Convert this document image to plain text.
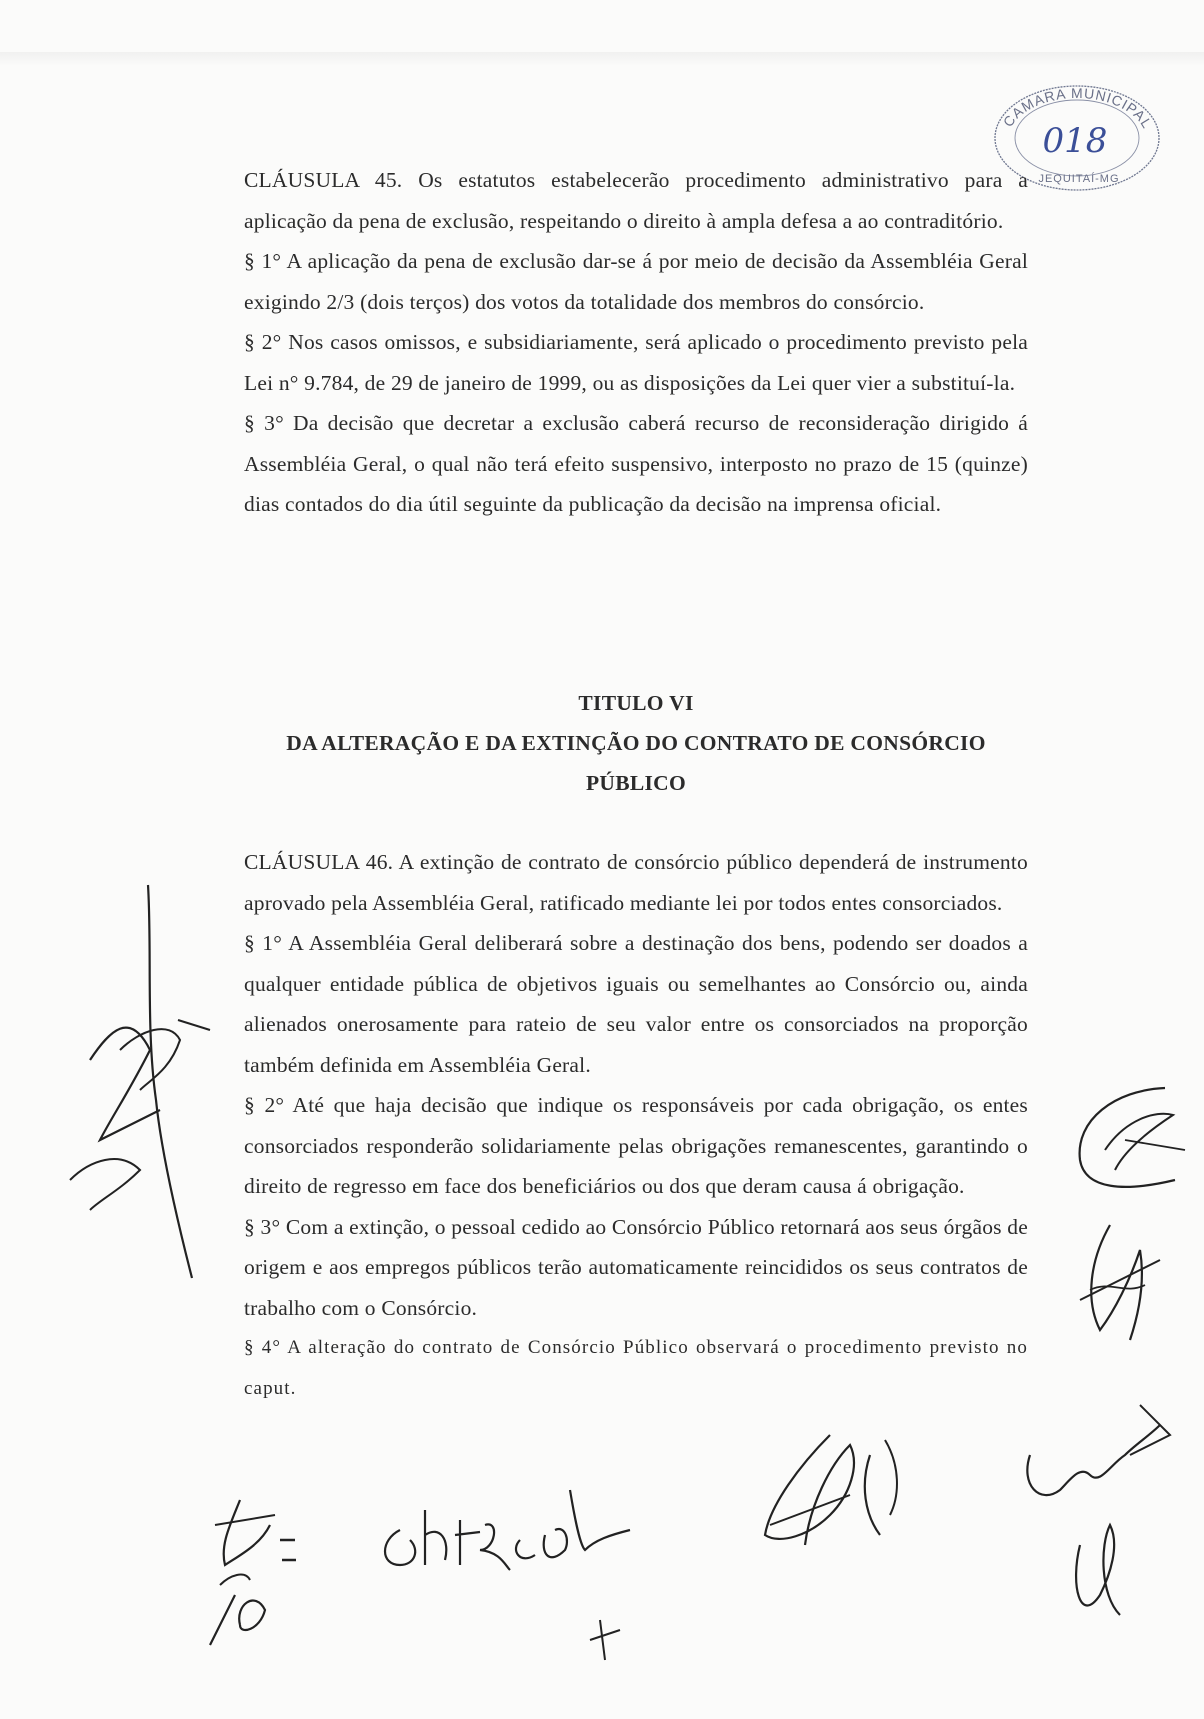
CAMARA MUNICIPAL
JEQUITAÍ-MG
018

CLÁUSULA 45. Os estatutos estabelecerão procedimento administrativo para a aplicação da pena de exclusão, respeitando o direito à ampla defesa a ao contraditório.

§ 1° A aplicação da pena de exclusão dar-se á por meio de decisão da Assembléia Geral exigindo 2/3 (dois terços) dos votos da totalidade dos membros do consórcio.

§ 2° Nos casos omissos, e subsidiariamente, será aplicado o procedimento previsto pela Lei n° 9.784, de 29 de janeiro de 1999, ou as disposições da Lei quer vier a substituí-la.

§ 3° Da decisão que decretar a exclusão caberá recurso de reconsideração dirigido á Assembléia Geral, o qual não terá efeito suspensivo, interposto no prazo de 15 (quinze) dias contados do dia útil seguinte da publicação da decisão na imprensa oficial.

TITULO VI
DA ALTERAÇÃO E DA EXTINÇÃO DO CONTRATO DE CONSÓRCIO
PÚBLICO

CLÁUSULA 46. A extinção de contrato de consórcio público dependerá de instrumento aprovado pela Assembléia Geral, ratificado mediante lei por todos entes consorciados.

§ 1° A Assembléia Geral deliberará sobre a destinação dos bens, podendo ser doados a qualquer entidade pública de objetivos iguais ou semelhantes ao Consórcio ou, ainda alienados onerosamente para rateio de seu valor entre os consorciados na proporção também definida em Assembléia Geral.

§ 2° Até que haja decisão que indique os responsáveis por cada obrigação, os entes consorciados responderão solidariamente pelas obrigações remanescentes, garantindo o direito de regresso em face dos beneficiários ou dos que deram causa á obrigação.

§ 3° Com a extinção, o pessoal cedido ao Consórcio Público retornará aos seus órgãos de origem e aos empregos públicos terão automaticamente reincididos os seus contratos de trabalho com o Consórcio.

§ 4° A alteração do contrato de Consórcio Público observará o procedimento previsto no caput.
